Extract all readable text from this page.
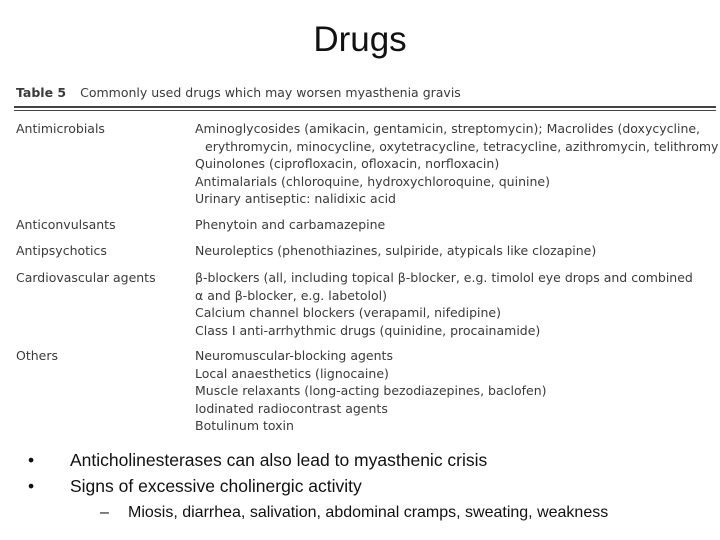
Drugs
Table 5 Commonly used drugs which may worsen myasthenia gravis
Antimicrobials	Aminoglycosides (amikacin, gentamicin, streptomycin); Macrolides (doxycycline,
erythromycin, minocycline, oxytetracycline, tetracycline, azithromycin, telithromy
Quinolones (ciprofloxacin, ofloxacin, norfloxacin)
Antimalarials (chloroquine, hydroxychloroquine, quinine)
Urinary antiseptic: nalidixic acid
Anticonvulsants	Phenytoin and carbamazepine
Antipsychotics	Neuroleptics (phenothiazines, sulpiride, atypicals like clozapine)
Cardiovascular agents	β-blockers (all, including topical β-blocker, e.g. timolol eye drops and combined
α and β-blocker, e.g. labetolol)
Calcium channel blockers (verapamil, nifedipine)
Class I anti-arrhythmic drugs (quinidine, procainamide)
Others	Neuromuscular-blocking agents
Local anaesthetics (lignocaine)
Muscle relaxants (long-acting bezodiazepines, baclofen)
Iodinated radiocontrast agents
Botulinum toxin
• Anticholinesterases can also lead to myasthenic crisis
• Signs of excessive cholinergic activity
– Miosis, diarrhea, salivation, abdominal cramps, sweating, weakness
